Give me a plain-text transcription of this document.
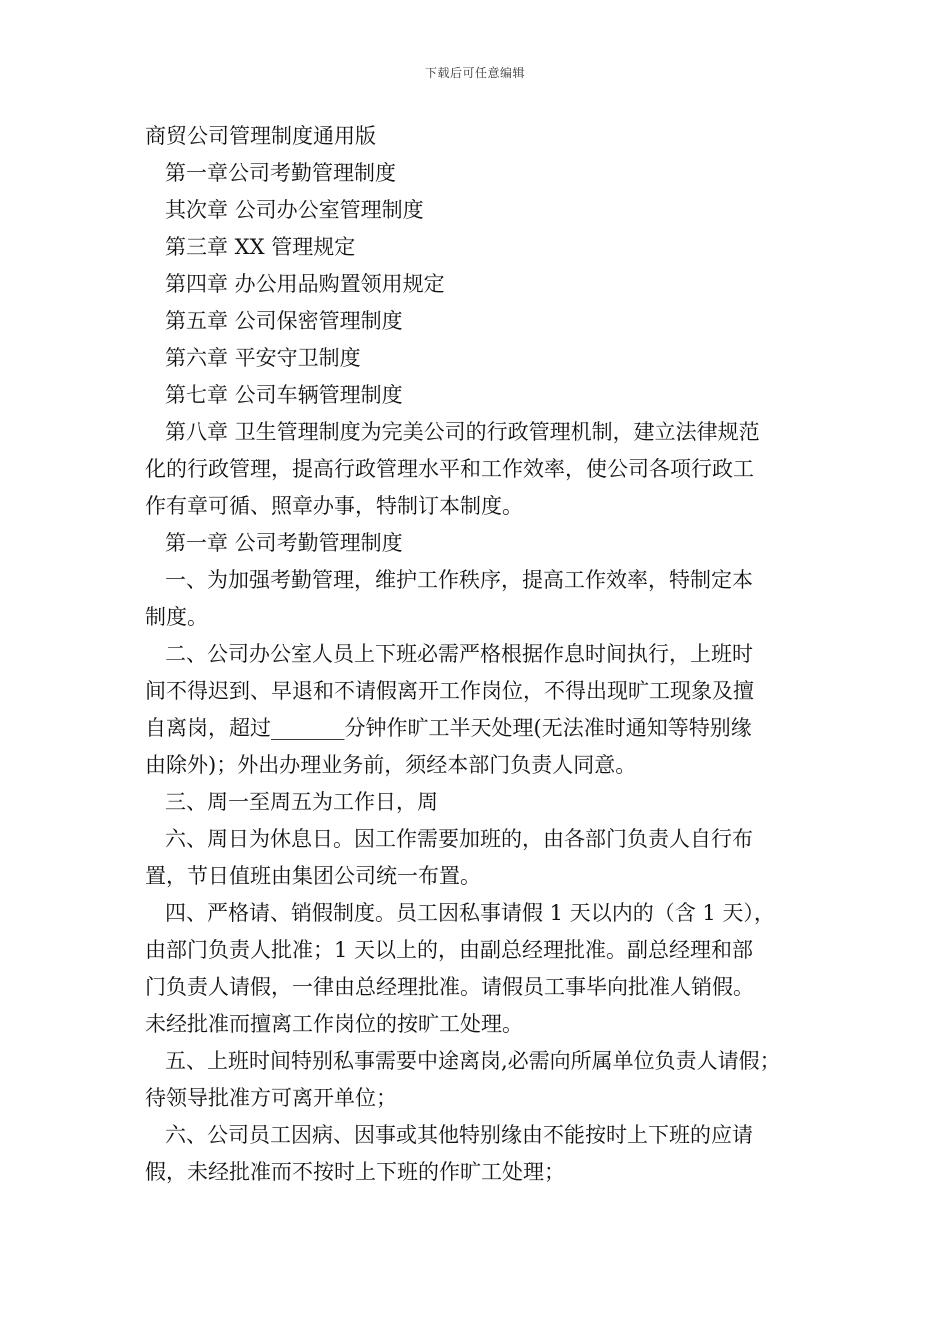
下载后可任意编辑

商贸公司管理制度通用版

第一章公司考勤管理制度

其次章 公司办公室管理制度

第三章 XX 管理规定

第四章 办公用品购置领用规定

第五章 公司保密管理制度

第六章 平安守卫制度

第七章 公司车辆管理制度

第八章 卫生管理制度为完美公司的行政管理机制，建立法律规范

化的行政管理，提高行政管理水平和工作效率，使公司各项行政工

作有章可循、照章办事，特制订本制度。

第一章 公司考勤管理制度

一、为加强考勤管理，维护工作秩序，提高工作效率，特制定本

制度。

二、公司办公室人员上下班必需严格根据作息时间执行，上班时

间不得迟到、早退和不请假离开工作岗位，不得出现旷工现象及擅

自离岗，超过_______分钟作旷工半天处理(无法准时通知等特别缘

由除外)；外出办理业务前，须经本部门负责人同意。

三、周一至周五为工作日，周

六、周日为休息日。因工作需要加班的，由各部门负责人自行布

置，节日值班由集团公司统一布置。

四、严格请、销假制度。员工因私事请假 1 天以内的（含 1 天），

由部门负责人批准；1 天以上的，由副总经理批准。副总经理和部

门负责人请假，一律由总经理批准。请假员工事毕向批准人销假。

未经批准而擅离工作岗位的按旷工处理。

五、上班时间特别私事需要中途离岗,必需向所属单位负责人请假；

待领导批准方可离开单位；

六、公司员工因病、因事或其他特别缘由不能按时上下班的应请

假，未经批准而不按时上下班的作旷工处理；
